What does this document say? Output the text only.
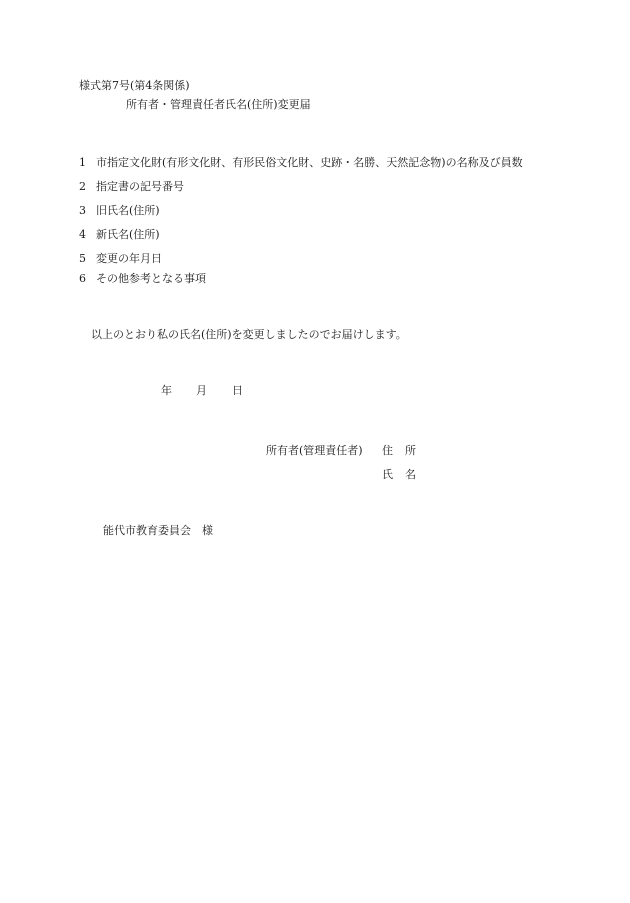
様式第7号(第4条関係)

所有者・管理責任者氏名(住所)変更届

1 市指定文化財(有形文化財、有形民俗文化財、史跡・名勝、天然記念物)の名称及び員数
2 指定書の記号番号
3 旧氏名(住所)
4 新氏名(住所)
5 変更の年月日
6 その他参考となる事項

以上のとおり私の氏名(住所)を変更しましたのでお届けします。

年 月 日

所有者(管理責任者) 住所

氏名

能代市教育委員会　様
